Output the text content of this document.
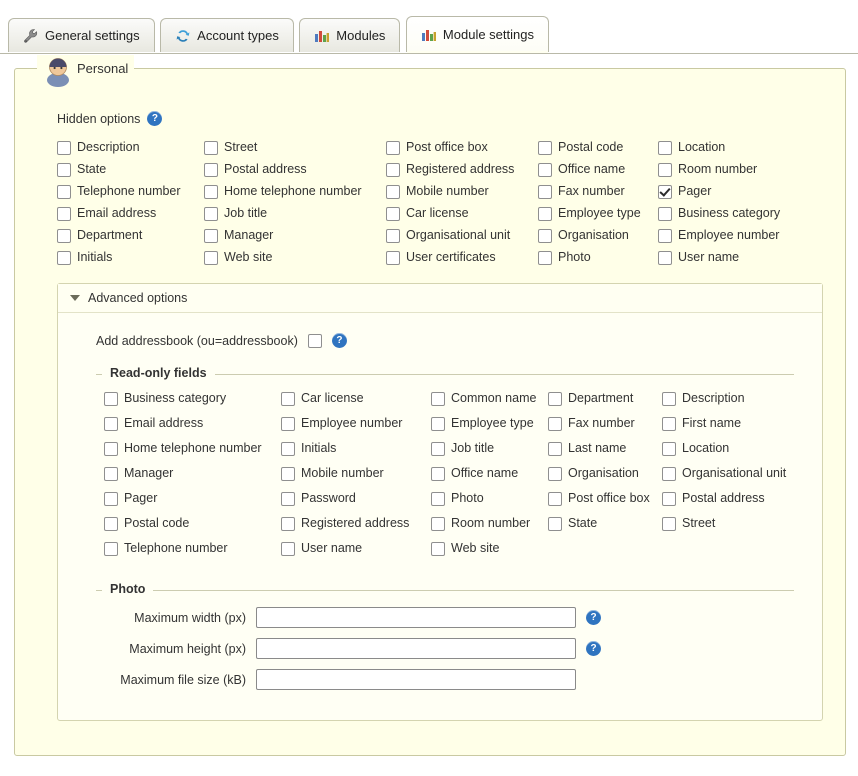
General settings
	Account types
	Modules
	Module settings
Personal
Hidden options	?
Description	Street	Post office box	Postal code	Location
State	Postal address	Registered address	Office name	Room number
Telephone number	Home telephone number	Mobile number	Fax number	Pager
Email address	Job title	Car license	Employee type	Business category
Department	Manager	Organisational unit	Organisation	Employee number
Initials	Web site	User certificates	Photo	User name
Advanced options
Add addressbook (ou=addressbook)	?
Read-only fields
Business category	Car license	Common name	Department	Description
Email address	Employee number	Employee type	Fax number	First name
Home telephone number	Initials	Job title	Last name	Location
Manager	Mobile number	Office name	Organisation	Organisational unit
Pager	Password	Photo	Post office box	Postal address
Postal code	Registered address	Room number	State	Street
Telephone number	User name	Web site
Photo
Maximum width (px)	?
Maximum height (px)	?
Maximum file size (kB)
